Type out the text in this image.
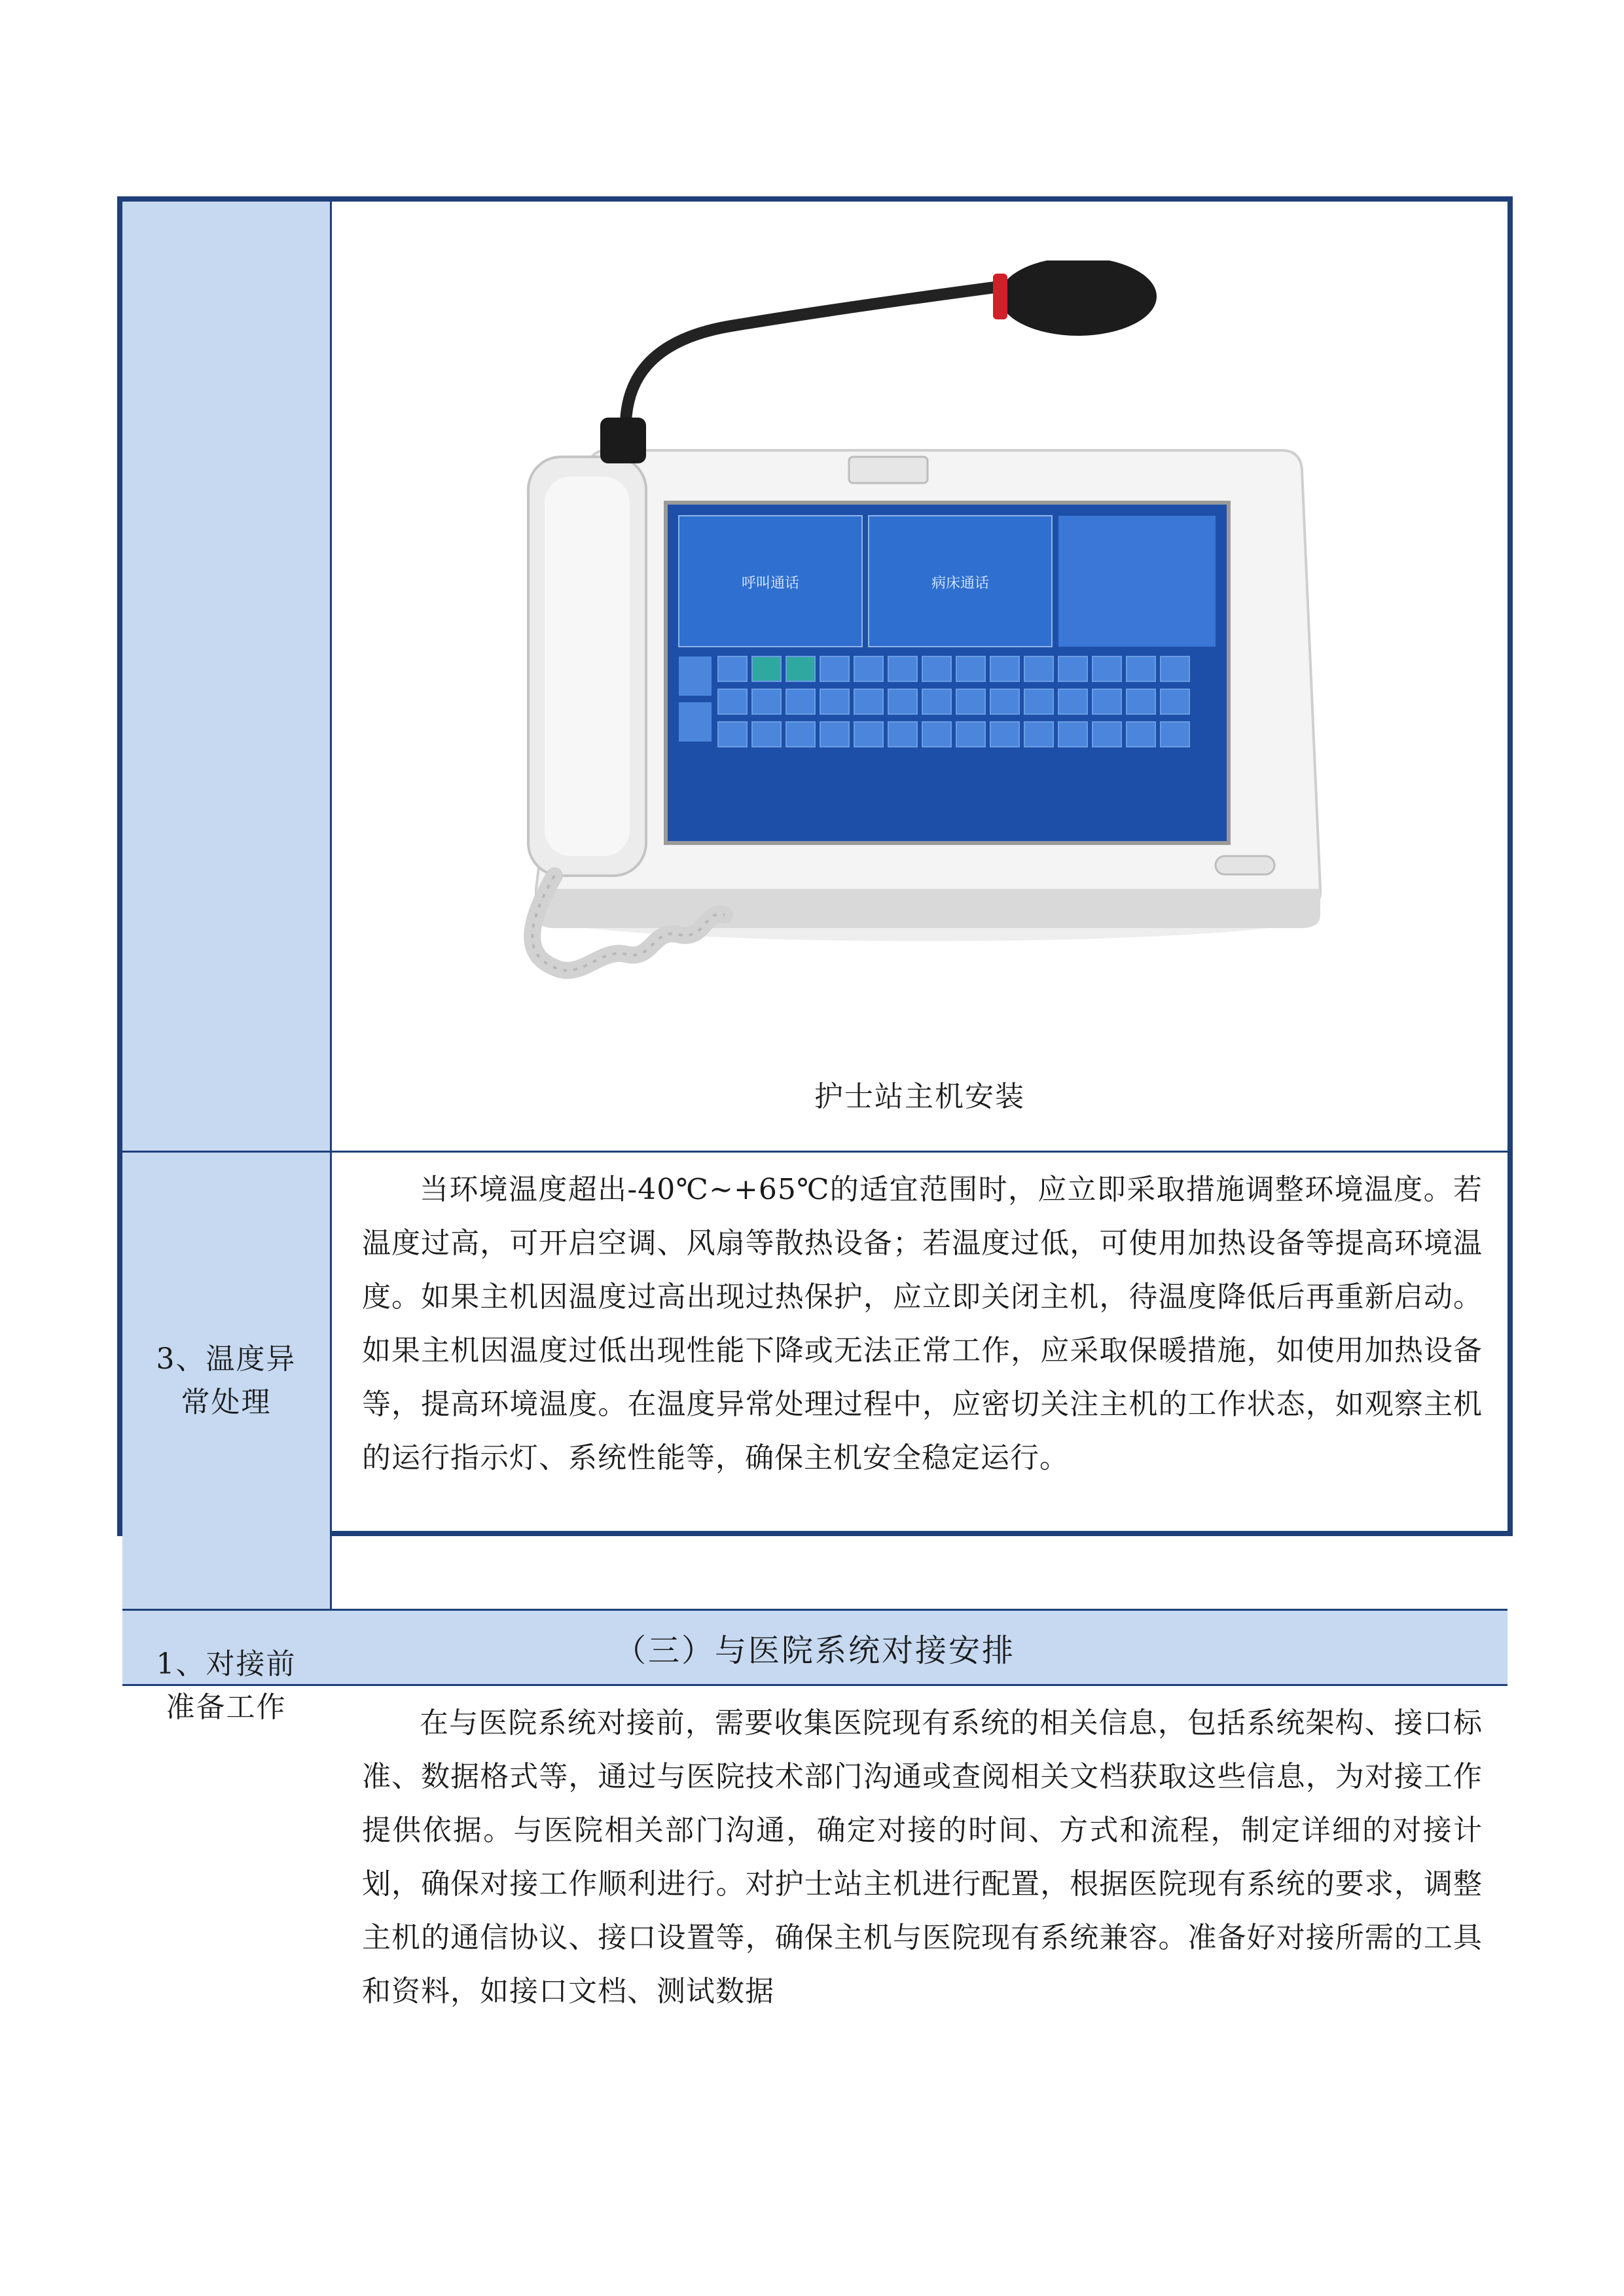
呼叫通话	病床通话
护士站主机安装
3、温度异常处理

当环境温度超出-40℃~+65℃的适宜范围时，应立即采取措施调整环境温度。若温度过高，可开启空调、风扇等散热设备；若温度过低，可使用加热设备等提高环境温度。如果主机因温度过高出现过热保护，应立即关闭主机，待温度降低后再重新启动。如果主机因温度过低出现性能下降或无法正常工作，应采取保暖措施，如使用加热设备等，提高环境温度。在温度异常处理过程中，应密切关注主机的工作状态，如观察主机的运行指示灯、系统性能等，确保主机安全稳定运行。

（三）与医院系统对接安排
准备工作	在与医院系统对接前，需要收集医院现有系统的相关信息，包括系统架构、接口标准、数据格式等，通过与医院技术部门沟通或查阅相关文档获取这些信息，为对接工作提供依据。与医院相关部门沟通，确定对接的时间、方式和流程，制定详细的对接计划，确保对接工作顺利进行。对护士站主机进行配置，根据医院现有系统的要求，调整主机的通信协议、接口设置等，确保主机与医院现有系统兼容。准备好对接所需的工具和资料，如接口文档、测试数据
